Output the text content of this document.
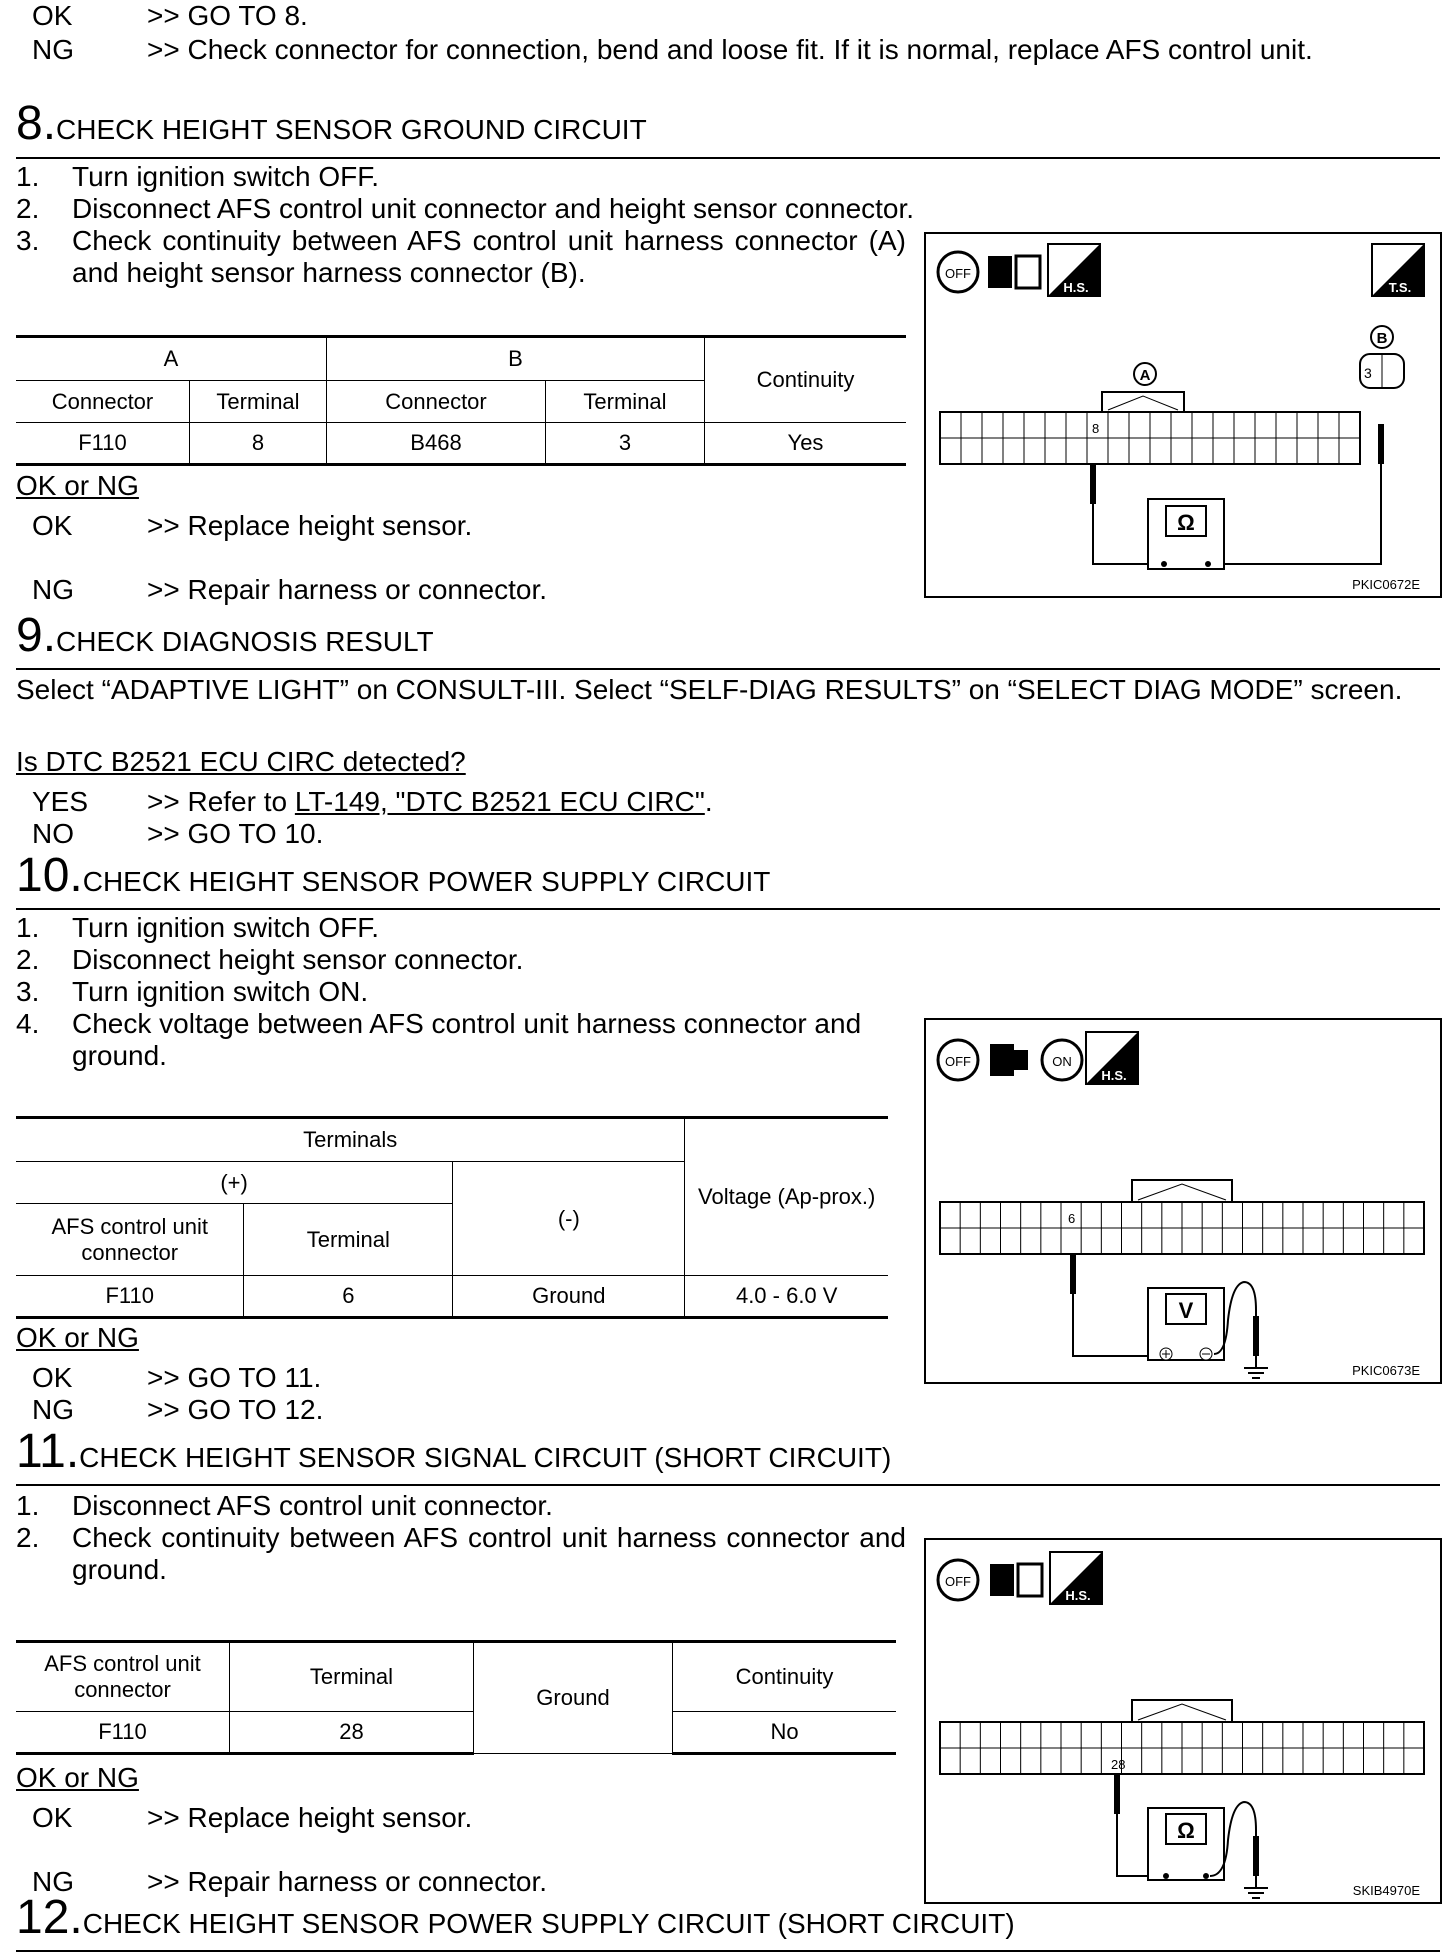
OK	>> GO TO 8.
NG	>> Check connector for connection, bend and loose fit. If it is normal, replace AFS control unit.
8.CHECK HEIGHT SENSOR GROUND CIRCUIT
1. Turn ignition switch OFF.
2. Disconnect AFS control unit connector and height sensor connector.
3. Check continuity between AFS control unit harness connector (A) and height sensor harness connector (B).
A		B		Continuity
Connector	Terminal	Connector	Terminal	
F110	8	B468	3	Yes
OK or NG
OK	>> Replace height sensor.
NG	>> Repair harness or connector.
OFF
H.S.	T.S.
A
8
B
3
Ω
PKIC0672E
9.CHECK DIAGNOSIS RESULT
Select “ADAPTIVE LIGHT” on CONSULT-III. Select “SELF-DIAG RESULTS” on “SELECT DIAG MODE” screen.
Is DTC B2521 ECU CIRC detected?
YES >> Refer to LT-149, "DTC B2521 ECU CIRC".
NO	>> GO TO 10.
10.CHECK HEIGHT SENSOR POWER SUPPLY CIRCUIT
1. Turn ignition switch OFF.
2. Disconnect height sensor connector.
3. Turn ignition switch ON.
4. Check voltage between AFS control unit harness connector and ground.
Terminals			Voltage (Ap-prox.)
(+)		(-)	
AFS control unit connector	Terminal		
F110	6	Ground	4.0 - 6.0 V
OK or NG
OK	>> GO TO 11.
NG	>> GO TO 12.
OFF	ON
H.S.
6
V
PKIC0673E
11.CHECK HEIGHT SENSOR SIGNAL CIRCUIT (SHORT CIRCUIT)
1. Disconnect AFS control unit connector.
2. Check continuity between AFS control unit harness connector and ground.
AFS control unit connector	Terminal	Ground	Continuity
F110	28		No
OK or NG
OK	>> Replace height sensor.
NG	>> Repair harness or connector.
OFF
H.S.
28
Ω
SKIB4970E
12.CHECK HEIGHT SENSOR POWER SUPPLY CIRCUIT (SHORT CIRCUIT)
